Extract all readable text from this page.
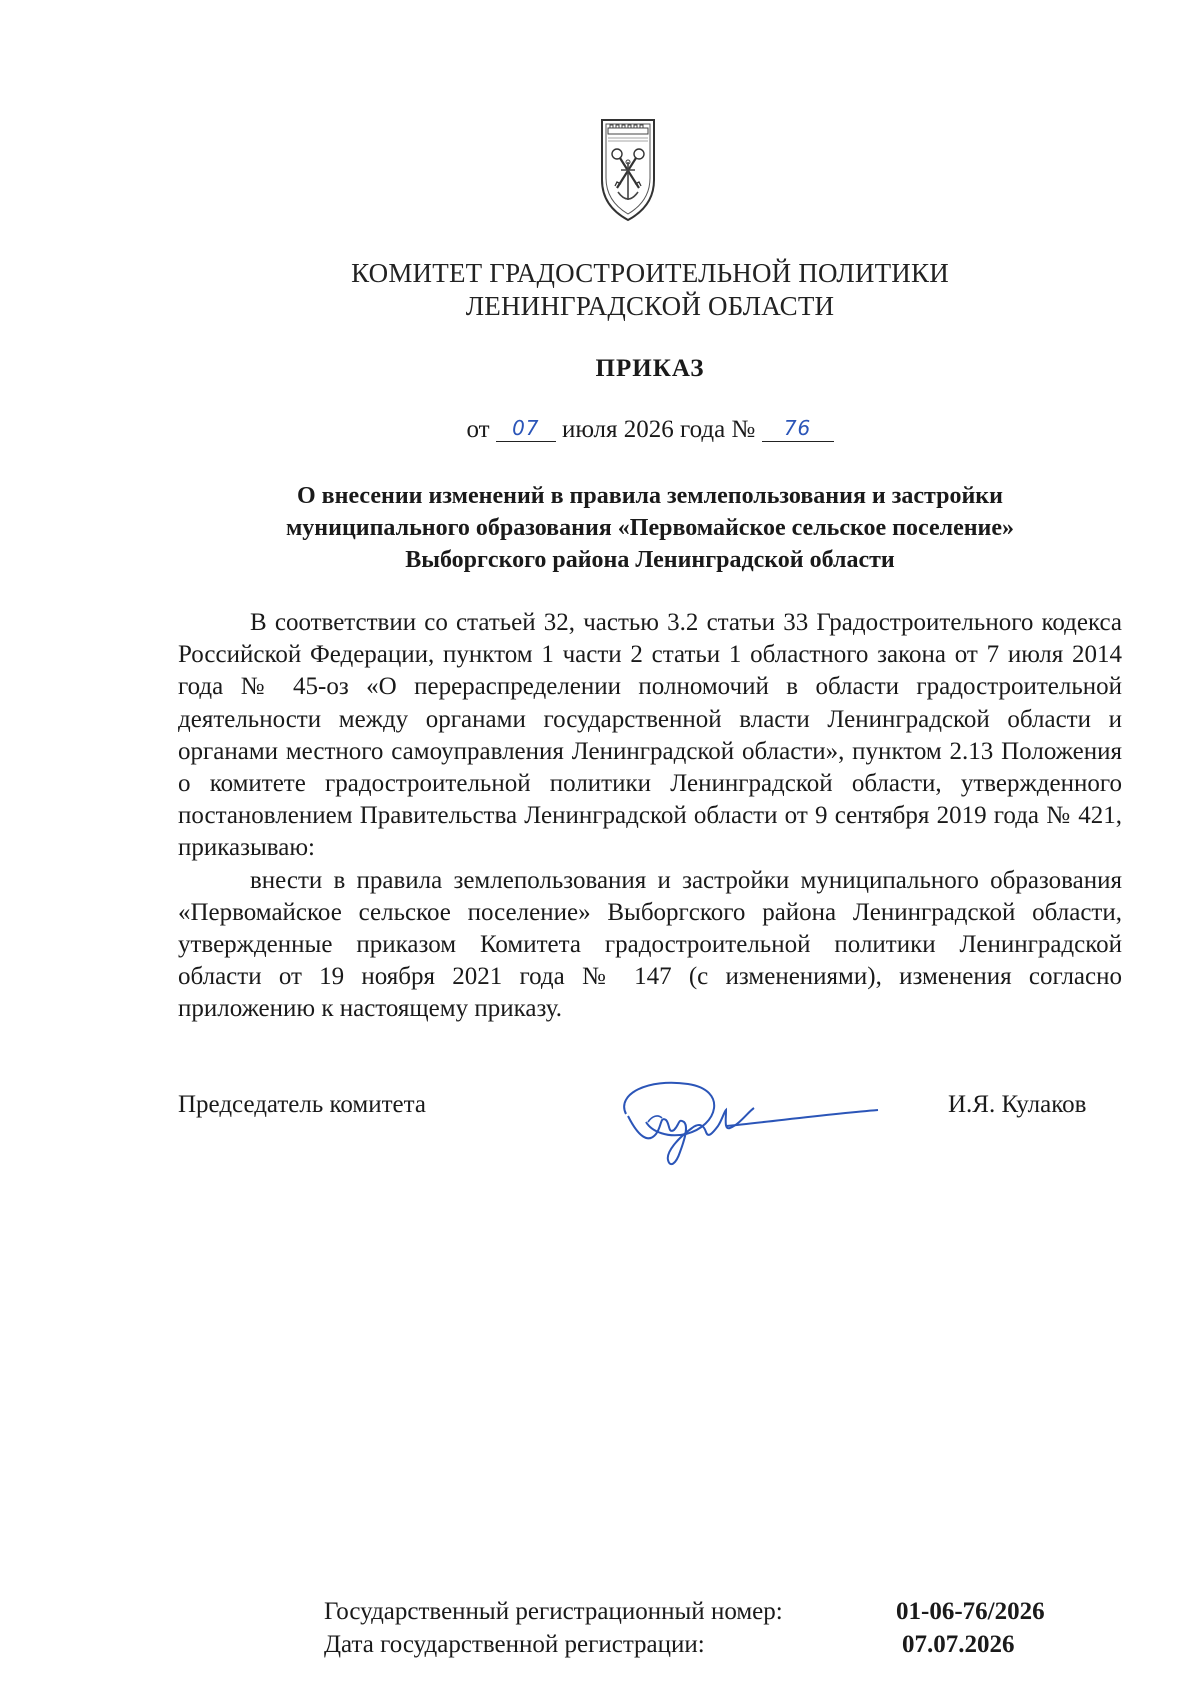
КОМИТЕТ ГРАДОСТРОИТЕЛЬНОЙ ПОЛИТИКИ
ЛЕНИНГРАДСКОЙ ОБЛАСТИ
ПРИКАЗ
от 07 июля 2026 года № 76
О внесении изменений в правила землепользования и застройки
муниципального образования «Первомайское сельское поселение»
Выборгского района Ленинградской области

В соответствии со статьей 32, частью 3.2 статьи 33 Градостроительного кодекса Российской Федерации, пунктом 1 части 2 статьи 1 областного закона от 7 июля 2014 года № 45-оз «О перераспределении полномочий в области градостроительной деятельности между органами государственной власти Ленинградской области и органами местного самоуправления Ленинградской области», пунктом 2.13 Положения о комитете градостроительной политики Ленинградской области, утвержденного постановлением Правительства Ленинградской области от 9 сентября 2019 года № 421, приказываю:

внести в правила землепользования и застройки муниципального образования «Первомайское сельское поселение» Выборгского района Ленинградской области, утвержденные приказом Комитета градостроительной политики Ленинградской области от 19 ноября 2021 года № 147 (с изменениями), изменения согласно приложению к настоящему приказу.

Председатель комитета	И.Я. Кулаков
Государственный регистрационный номер:	01-06-76/2026
Дата государственной регистрации:	07.07.2026
